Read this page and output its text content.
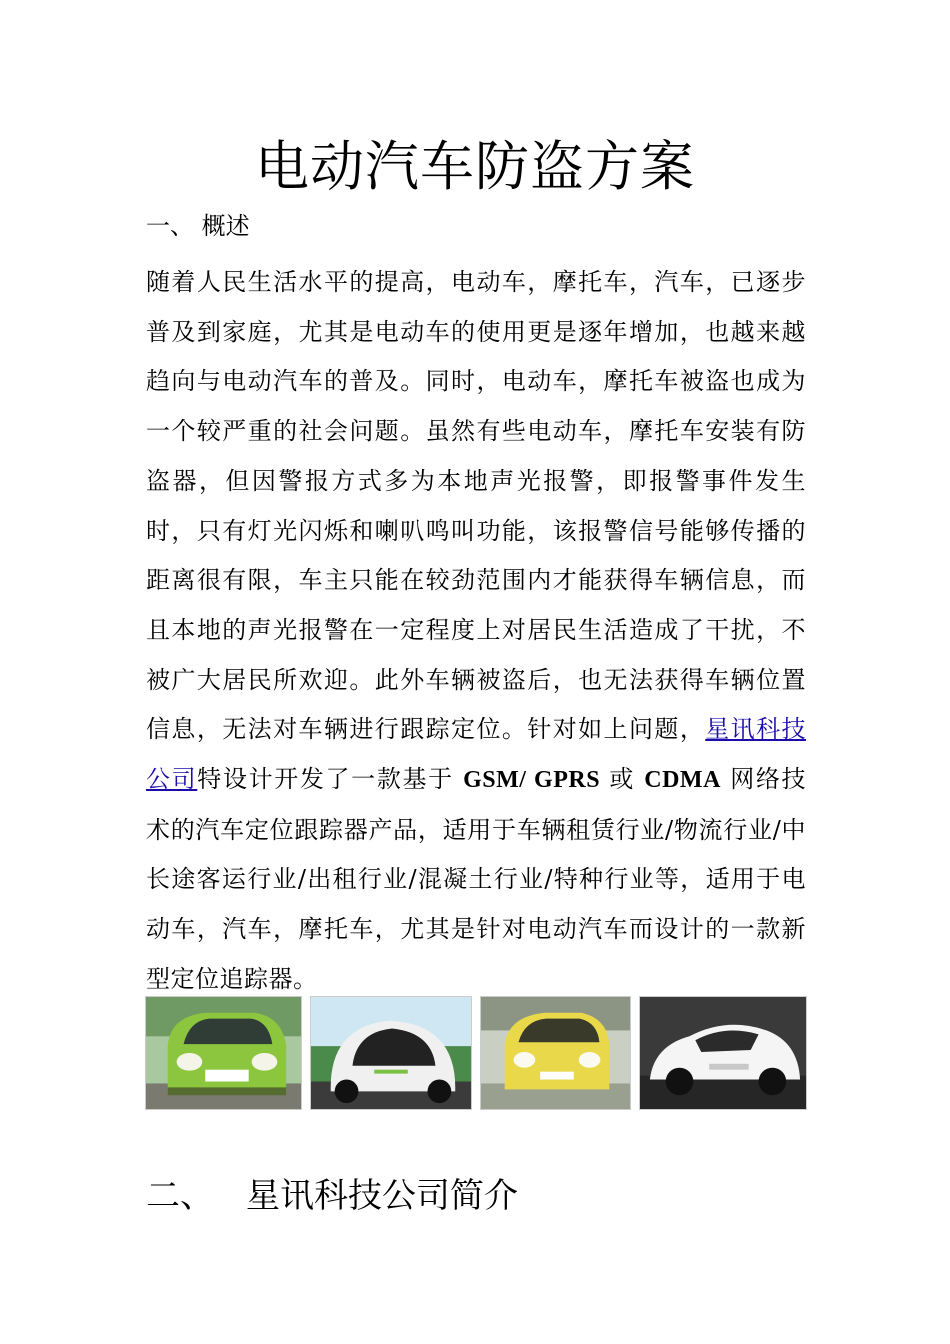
电动汽车防盗方案

一、 概述

随着人民生活水平的提高，电动车，摩托车，汽车，已逐步普及到家庭，尤其是电动车的使用更是逐年增加，也越来越趋向与电动汽车的普及。同时，电动车，摩托车被盗也成为一个较严重的社会问题。虽然有些电动车，摩托车安装有防盗器，但因警报方式多为本地声光报警，即报警事件发生时，只有灯光闪烁和喇叭鸣叫功能，该报警信号能够传播的距离很有限，车主只能在较劲范围内才能获得车辆信息，而且本地的声光报警在一定程度上对居民生活造成了干扰，不被广大居民所欢迎。此外车辆被盗后，也无法获得车辆位置信息，无法对车辆进行跟踪定位。针对如上问题，星讯科技公司特设计开发了一款基于 GSM/ GPRS 或 CDMA 网络技术的汽车定位跟踪器产品，适用于车辆租赁行业/物流行业/中长途客运行业/出租行业/混凝土行业/特种行业等，适用于电动车，汽车，摩托车，尤其是针对电动汽车而设计的一款新型定位追踪器。

二、 星讯科技公司简介
